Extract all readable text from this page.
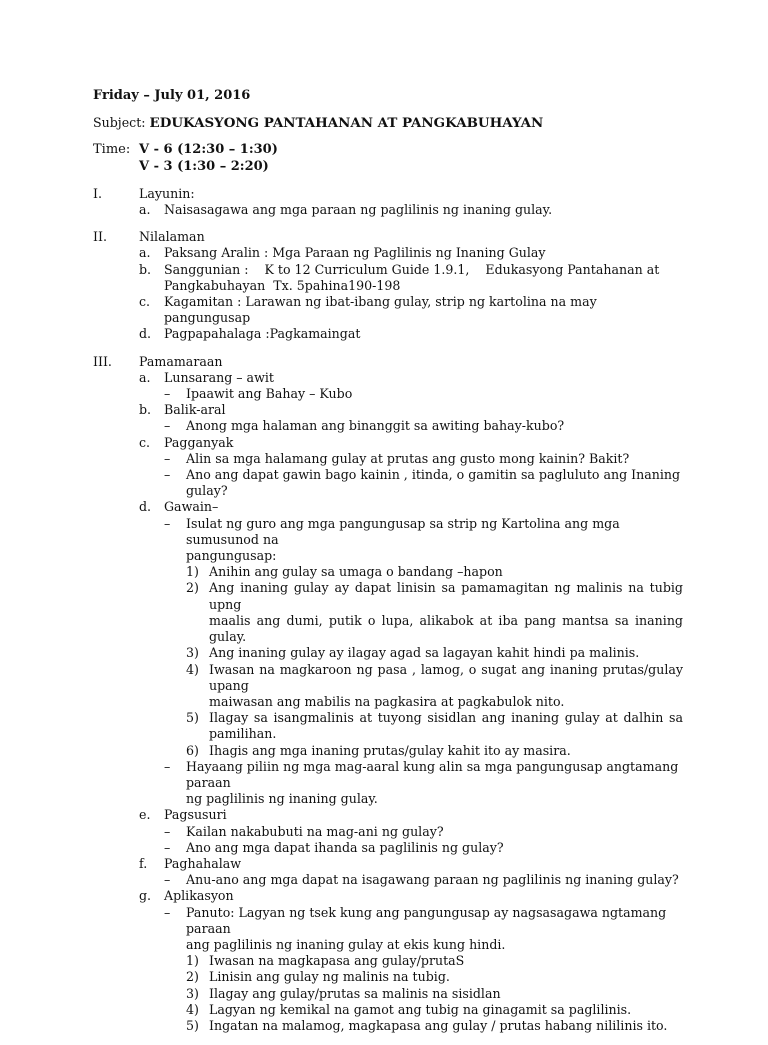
Friday – July 01, 2016
Subject: EDUKASYONG PANTAHANAN AT PANGKABUHAYAN
Time: V - 6 (12:30 – 1:30)
V - 3 (1:30 – 2:20)
I.	Layunin:
a.	Naisasagawa ang mga paraan ng paglilinis ng inaning gulay.
II.	Nilalaman
a.	Paksang Aralin : Mga Paraan ng Paglilinis ng Inaning Gulay
b.	Sanggunian :    K to 12 Curriculum Guide 1.9.1,    Edukasyong Pantahanan at
Pangkabuhayan  Tx. 5pahina190-198
c.	Kagamitan : Larawan ng ibat-ibang gulay, strip ng kartolina na may pangungusap
d.	Pagpapahalaga :Pagkamaingat
III.	Pamamaraan
a.	Lunsarang – awit
–	Ipaawit ang Bahay – Kubo
b.	Balik-aral
–	Anong mga halaman ang binanggit sa awiting bahay-kubo?
c.	Pagganyak
–	Alin sa mga halamang gulay at prutas ang gusto mong kainin? Bakit?
–	Ano ang dapat gawin bago kainin , itinda, o gamitin sa pagluluto ang Inaning gulay?
d.	Gawain–
–	Isulat ng guro ang mga pangungusap sa strip ng Kartolina ang mga sumusunod na
pangungusap:
1) Anihin ang gulay sa umaga o bandang –hapon
2) Ang inaning gulay ay dapat linisin sa pamamagitan ng malinis na tubig upng
maalis ang dumi, putik o lupa, alikabok at iba pang mantsa sa inaning gulay.
3) Ang inaning gulay ay ilagay agad sa lagayan kahit hindi pa malinis.
4) Iwasan na magkaroon ng pasa , lamog, o sugat ang inaning prutas/gulay upang
maiwasan ang mabilis na pagkasira at pagkabulok nito.
5) Ilagay sa isangmalinis at tuyong sisidlan ang inaning gulay at dalhin sa
pamilihan.
6) Ihagis ang mga inaning prutas/gulay kahit ito ay masira.
–	Hayaang piliin ng mga mag-aaral kung alin sa mga pangungusap angtamang paraan
ng paglilinis ng inaning gulay.
e.	Pagsusuri
–	Kailan nakabubuti na mag-ani ng gulay?
–	Ano ang mga dapat ihanda sa paglilinis ng gulay?
f.	Paghahalaw
–	Anu-ano ang mga dapat na isagawang paraan ng paglilinis ng inaning gulay?
g.	Aplikasyon
–	Panuto: Lagyan ng tsek kung ang pangungusap ay nagsasagawa ngtamang paraan
ang paglilinis ng inaning gulay at ekis kung hindi.
1) Iwasan na magkapasa ang gulay/prutaS
2) Linisin ang gulay ng malinis na tubig.
3) Ilagay ang gulay/prutas sa malinis na sisidlan
4) Lagyan ng kemikal na gamot ang tubig na ginagamit sa paglilinis.
5) Ingatan na malamog, magkapasa ang gulay / prutas habang nililinis ito.
